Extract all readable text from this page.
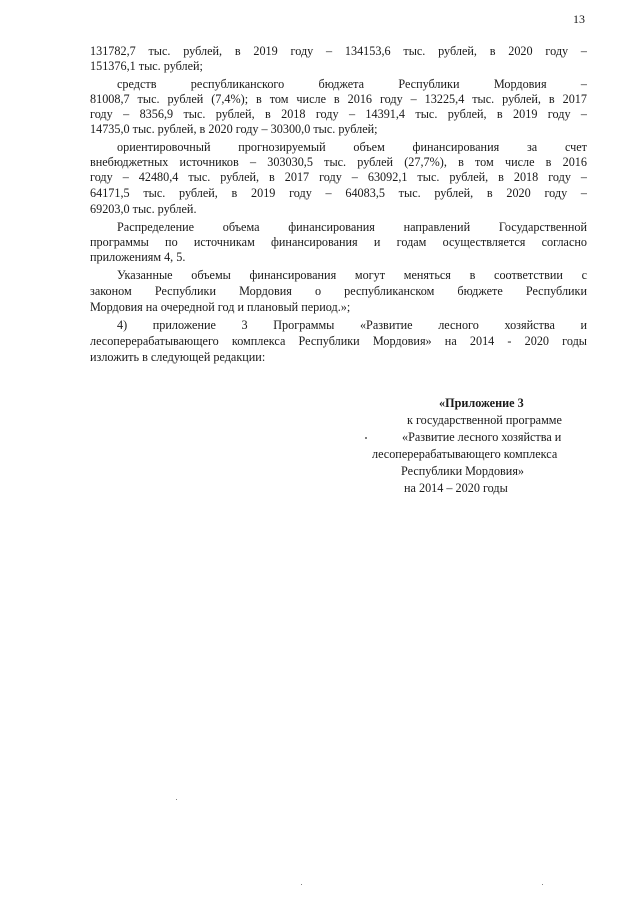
13
131782,7 тыс. рублей, в 2019 году – 134153,6 тыс. рублей, в 2020 году –
151376,1 тыс. рублей;
средств республиканского бюджета Республики Мордовия –
81008,7 тыс. рублей (7,4%); в том числе в 2016 году – 13225,4 тыс. рублей, в 2017
году – 8356,9 тыс. рублей, в 2018 году – 14391,4 тыс. рублей, в 2019 году –
14735,0 тыс. рублей, в 2020 году – 30300,0 тыс. рублей;
ориентировочный прогнозируемый объем финансирования за счет
внебюджетных источников – 303030,5 тыс. рублей (27,7%), в том числе в 2016
году – 42480,4 тыс. рублей, в 2017 году – 63092,1 тыс. рублей, в 2018 году –
64171,5 тыс. рублей, в 2019 году – 64083,5 тыс. рублей, в 2020 году –
69203,0 тыс. рублей.
Распределение объема финансирования направлений Государственной
программы по источникам финансирования и годам осуществляется согласно
приложениям 4, 5.
Указанные объемы финансирования могут меняться в соответствии с
законом Республики Мордовия о республиканском бюджете Республики
Мордовия на очередной год и плановый период.»;
4) приложение 3 Программы «Развитие лесного хозяйства и
лесоперерабатывающего комплекса Республики Мордовия» на 2014 - 2020 годы
изложить в следующей редакции:
«Приложение 3
к государственной программе
«Развитие лесного хозяйства и
лесоперерабатывающего комплекса
Республики Мордовия»
на 2014 – 2020 годы
